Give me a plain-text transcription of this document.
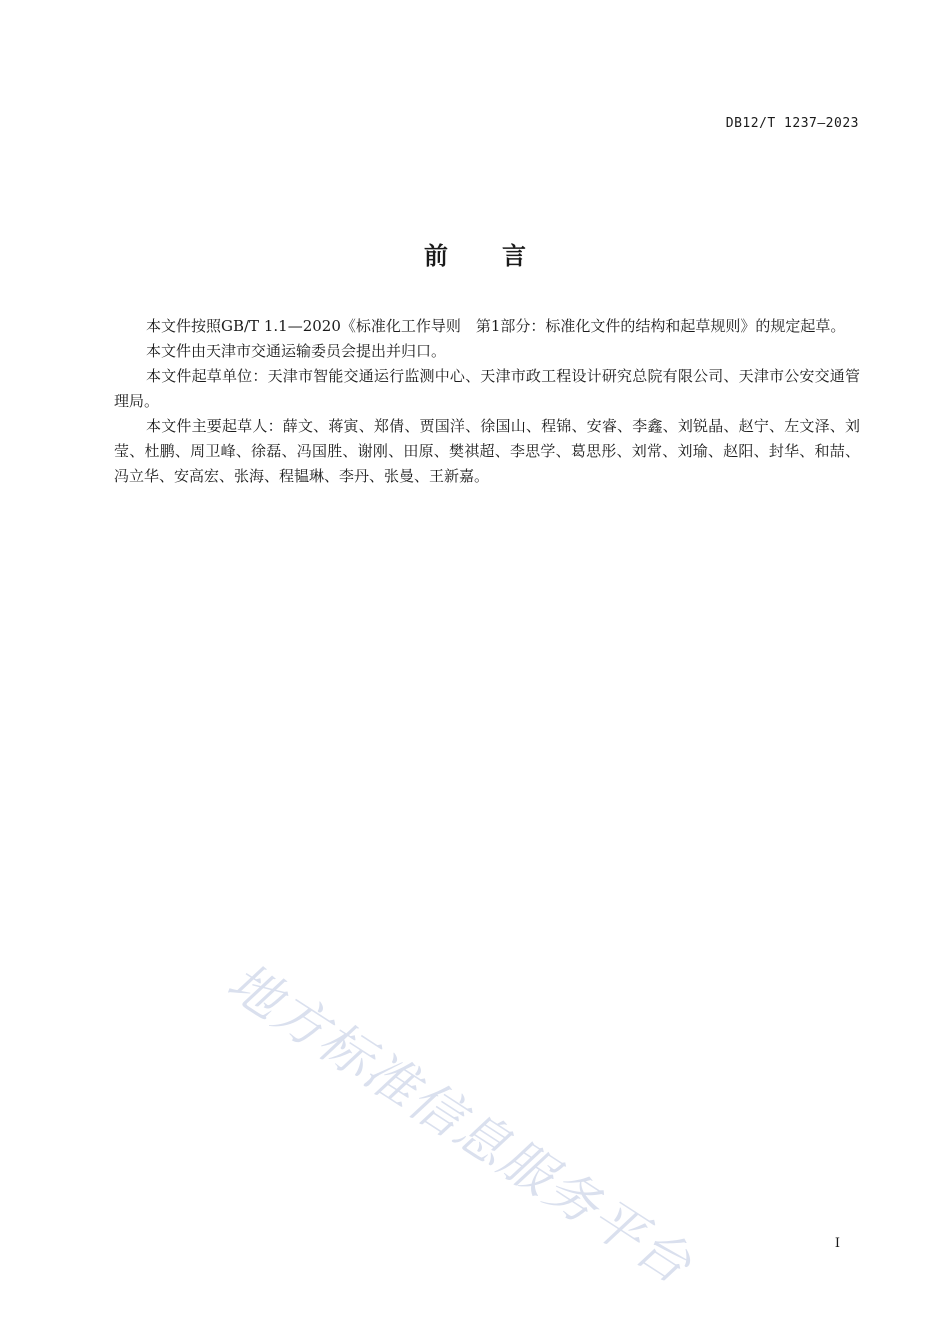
DB12/T 1237—2023
前言

本文件按照GB/T 1.1—2020《标准化工作导则　第1部分：标准化文件的结构和起草规则》的规定起草。

本文件由天津市交通运输委员会提出并归口。

本文件起草单位：天津市智能交通运行监测中心、天津市政工程设计研究总院有限公司、天津市公安交通管理局。

本文件主要起草人：薛文、蒋寅、郑倩、贾国洋、徐国山、程锦、安睿、李鑫、刘锐晶、赵宁、左文泽、刘莹、杜鹏、周卫峰、徐磊、冯国胜、谢刚、田原、樊祺超、李思学、葛思彤、刘常、刘瑜、赵阳、封华、和喆、冯立华、安高宏、张海、程韫琳、李丹、张曼、王新嘉。

地方标准信息服务平台	I
